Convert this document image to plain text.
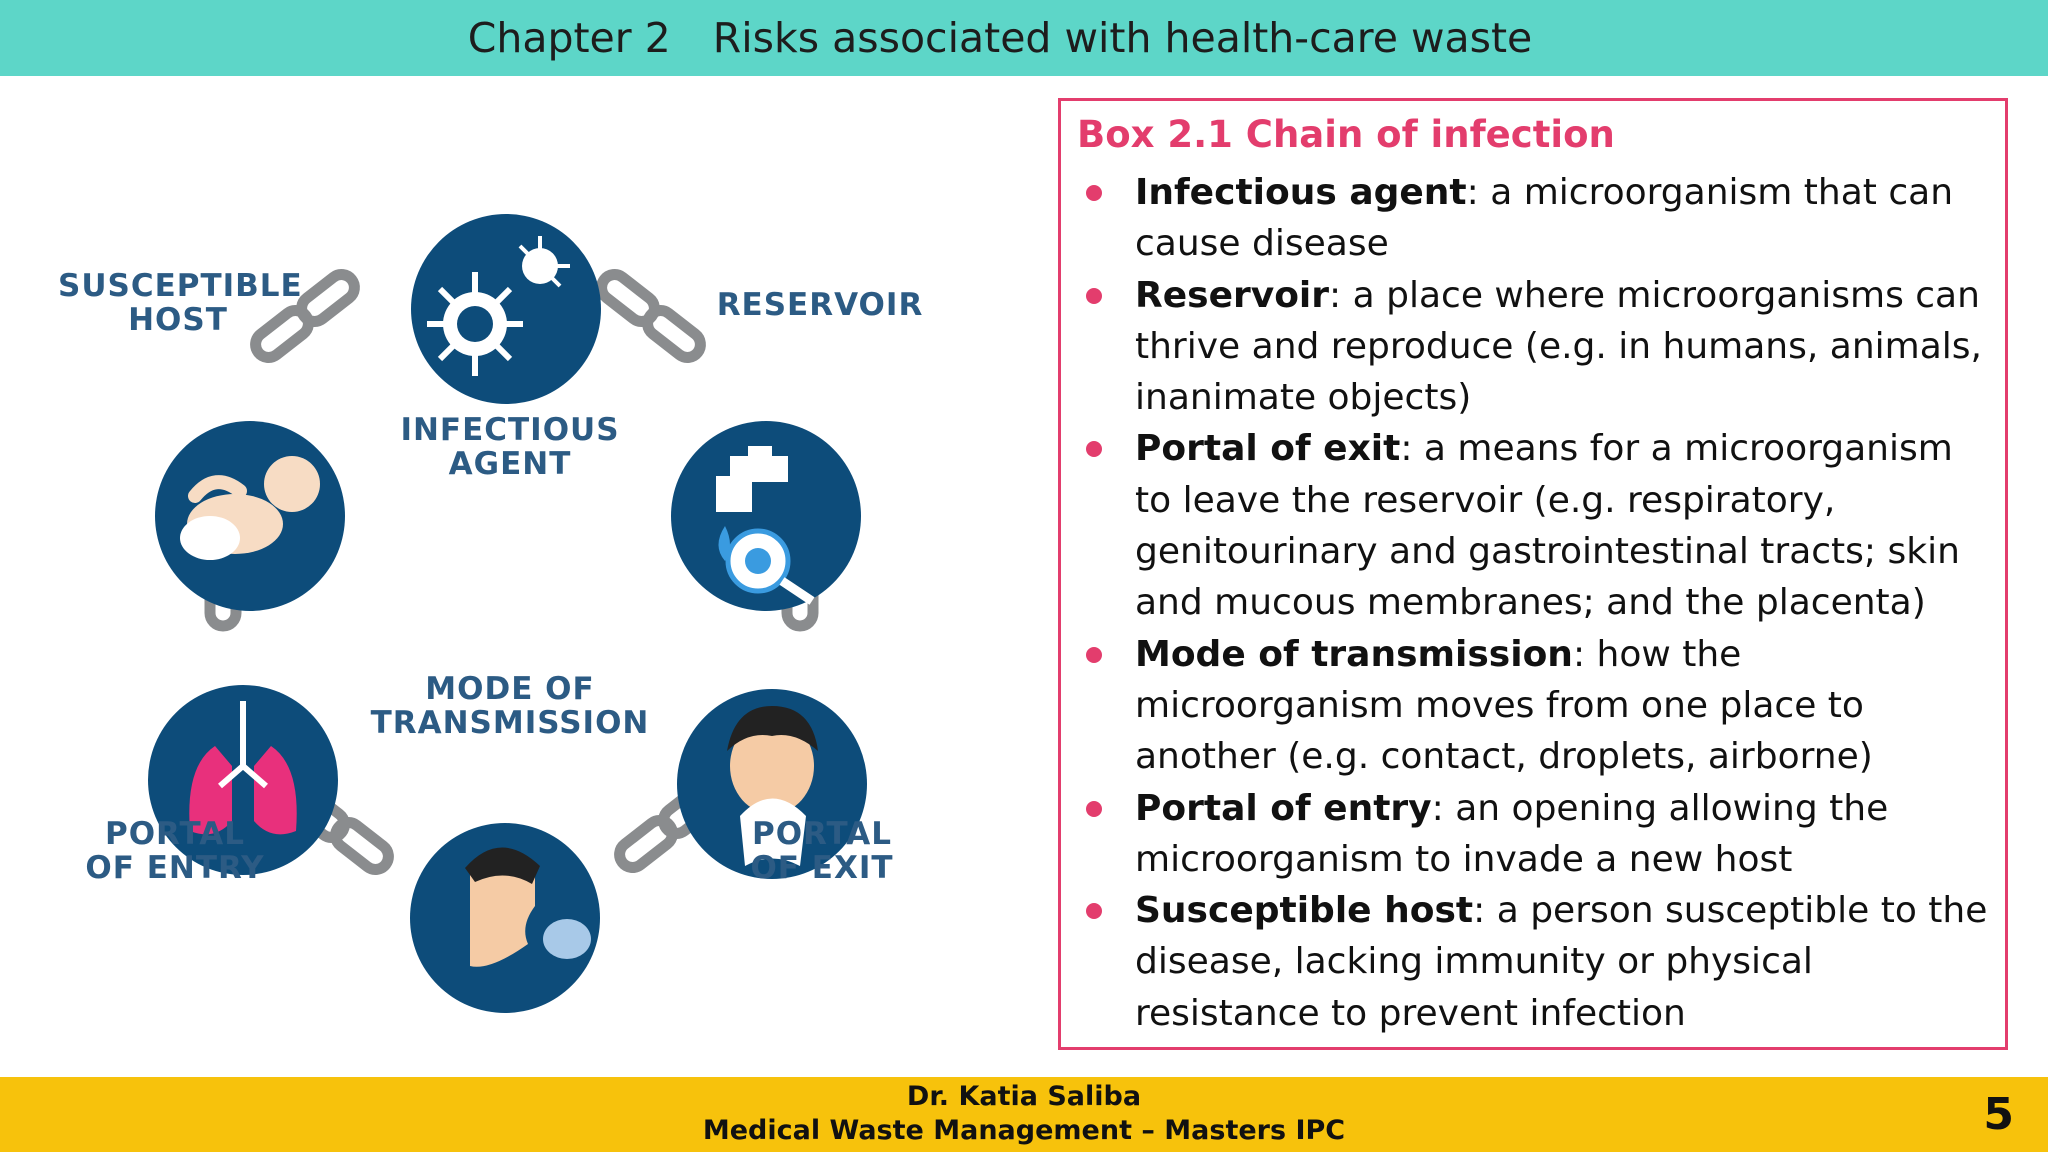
Chapter 2 Risks associated with health-care waste
SUSCEPTIBLE
HOST
INFECTIOUS
AGENT
RESERVOIR
MODE OF
TRANSMISSION
PORTAL
OF ENTRY
PORTAL
OF EXIT
Box 2.1 Chain of infection
Infectious agent: a microorganism that can cause disease
Reservoir: a place where microorganisms can thrive and reproduce (e.g. in humans, animals, inanimate objects)
Portal of exit: a means for a microorganism to leave the reservoir (e.g. respiratory, genitourinary and gastrointestinal tracts; skin and mucous membranes; and the placenta)
Mode of transmission: how the microorganism moves from one place to another (e.g. contact, droplets, airborne)
Portal of entry: an opening allowing the microorganism to invade a new host
Susceptible host: a person susceptible to the disease, lacking immunity or physical resistance to prevent infection
Dr. Katia Saliba
Medical Waste Management – Masters IPC	5
